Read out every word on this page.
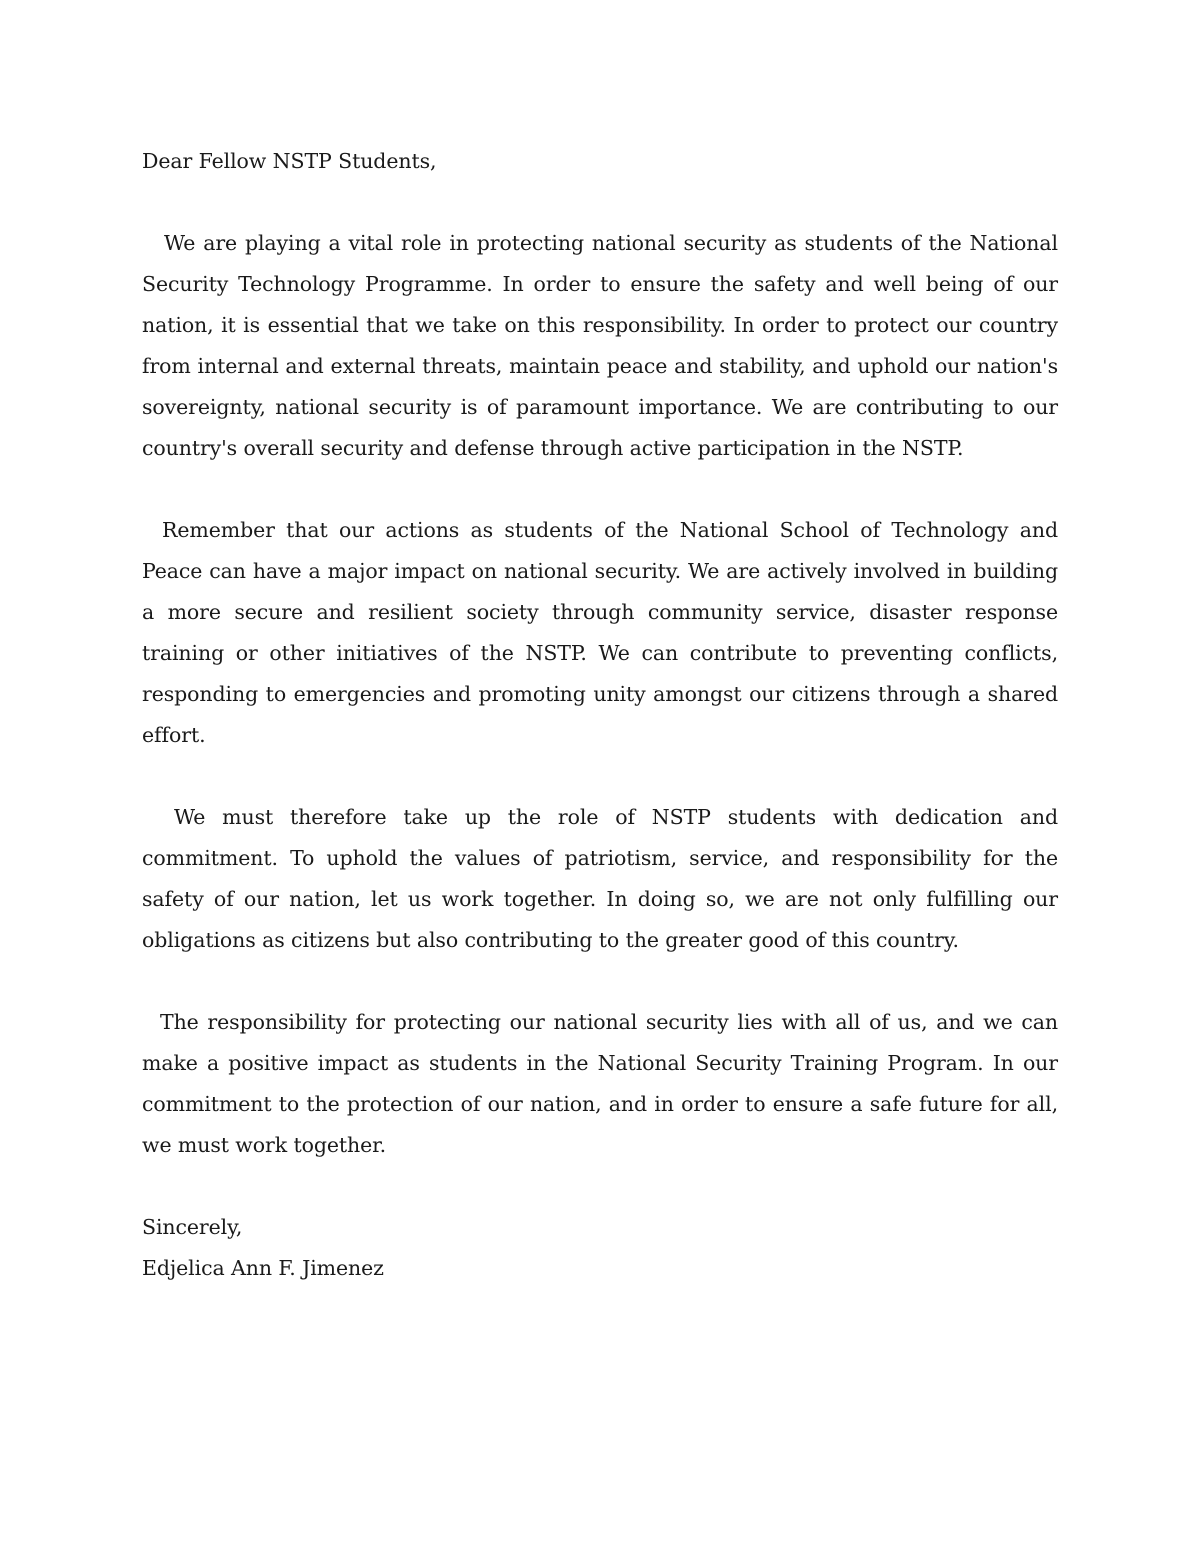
Dear Fellow NSTP Students,

We are playing a vital role in protecting national security as students of the National Security Technology Programme. In order to ensure the safety and well being of our nation, it is essential that we take on this responsibility. In order to protect our country from internal and external threats, maintain peace and stability, and uphold our nation's sovereignty, national security is of paramount importance. We are contributing to our country's overall security and defense through active participation in the NSTP.

Remember that our actions as students of the National School of Technology and Peace can have a major impact on national security. We are actively involved in building a more secure and resilient society through community service, disaster response training or other initiatives of the NSTP. We can contribute to preventing conflicts, responding to emergencies and promoting unity amongst our citizens through a shared effort.

We must therefore take up the role of NSTP students with dedication and commitment. To uphold the values of patriotism, service, and responsibility for the safety of our nation, let us work together. In doing so, we are not only fulfilling our obligations as citizens but also contributing to the greater good of this country.

The responsibility for protecting our national security lies with all of us, and we can make a positive impact as students in the National Security Training Program. In our commitment to the protection of our nation, and in order to ensure a safe future for all, we must work together.

Sincerely,

Edjelica Ann F. Jimenez
